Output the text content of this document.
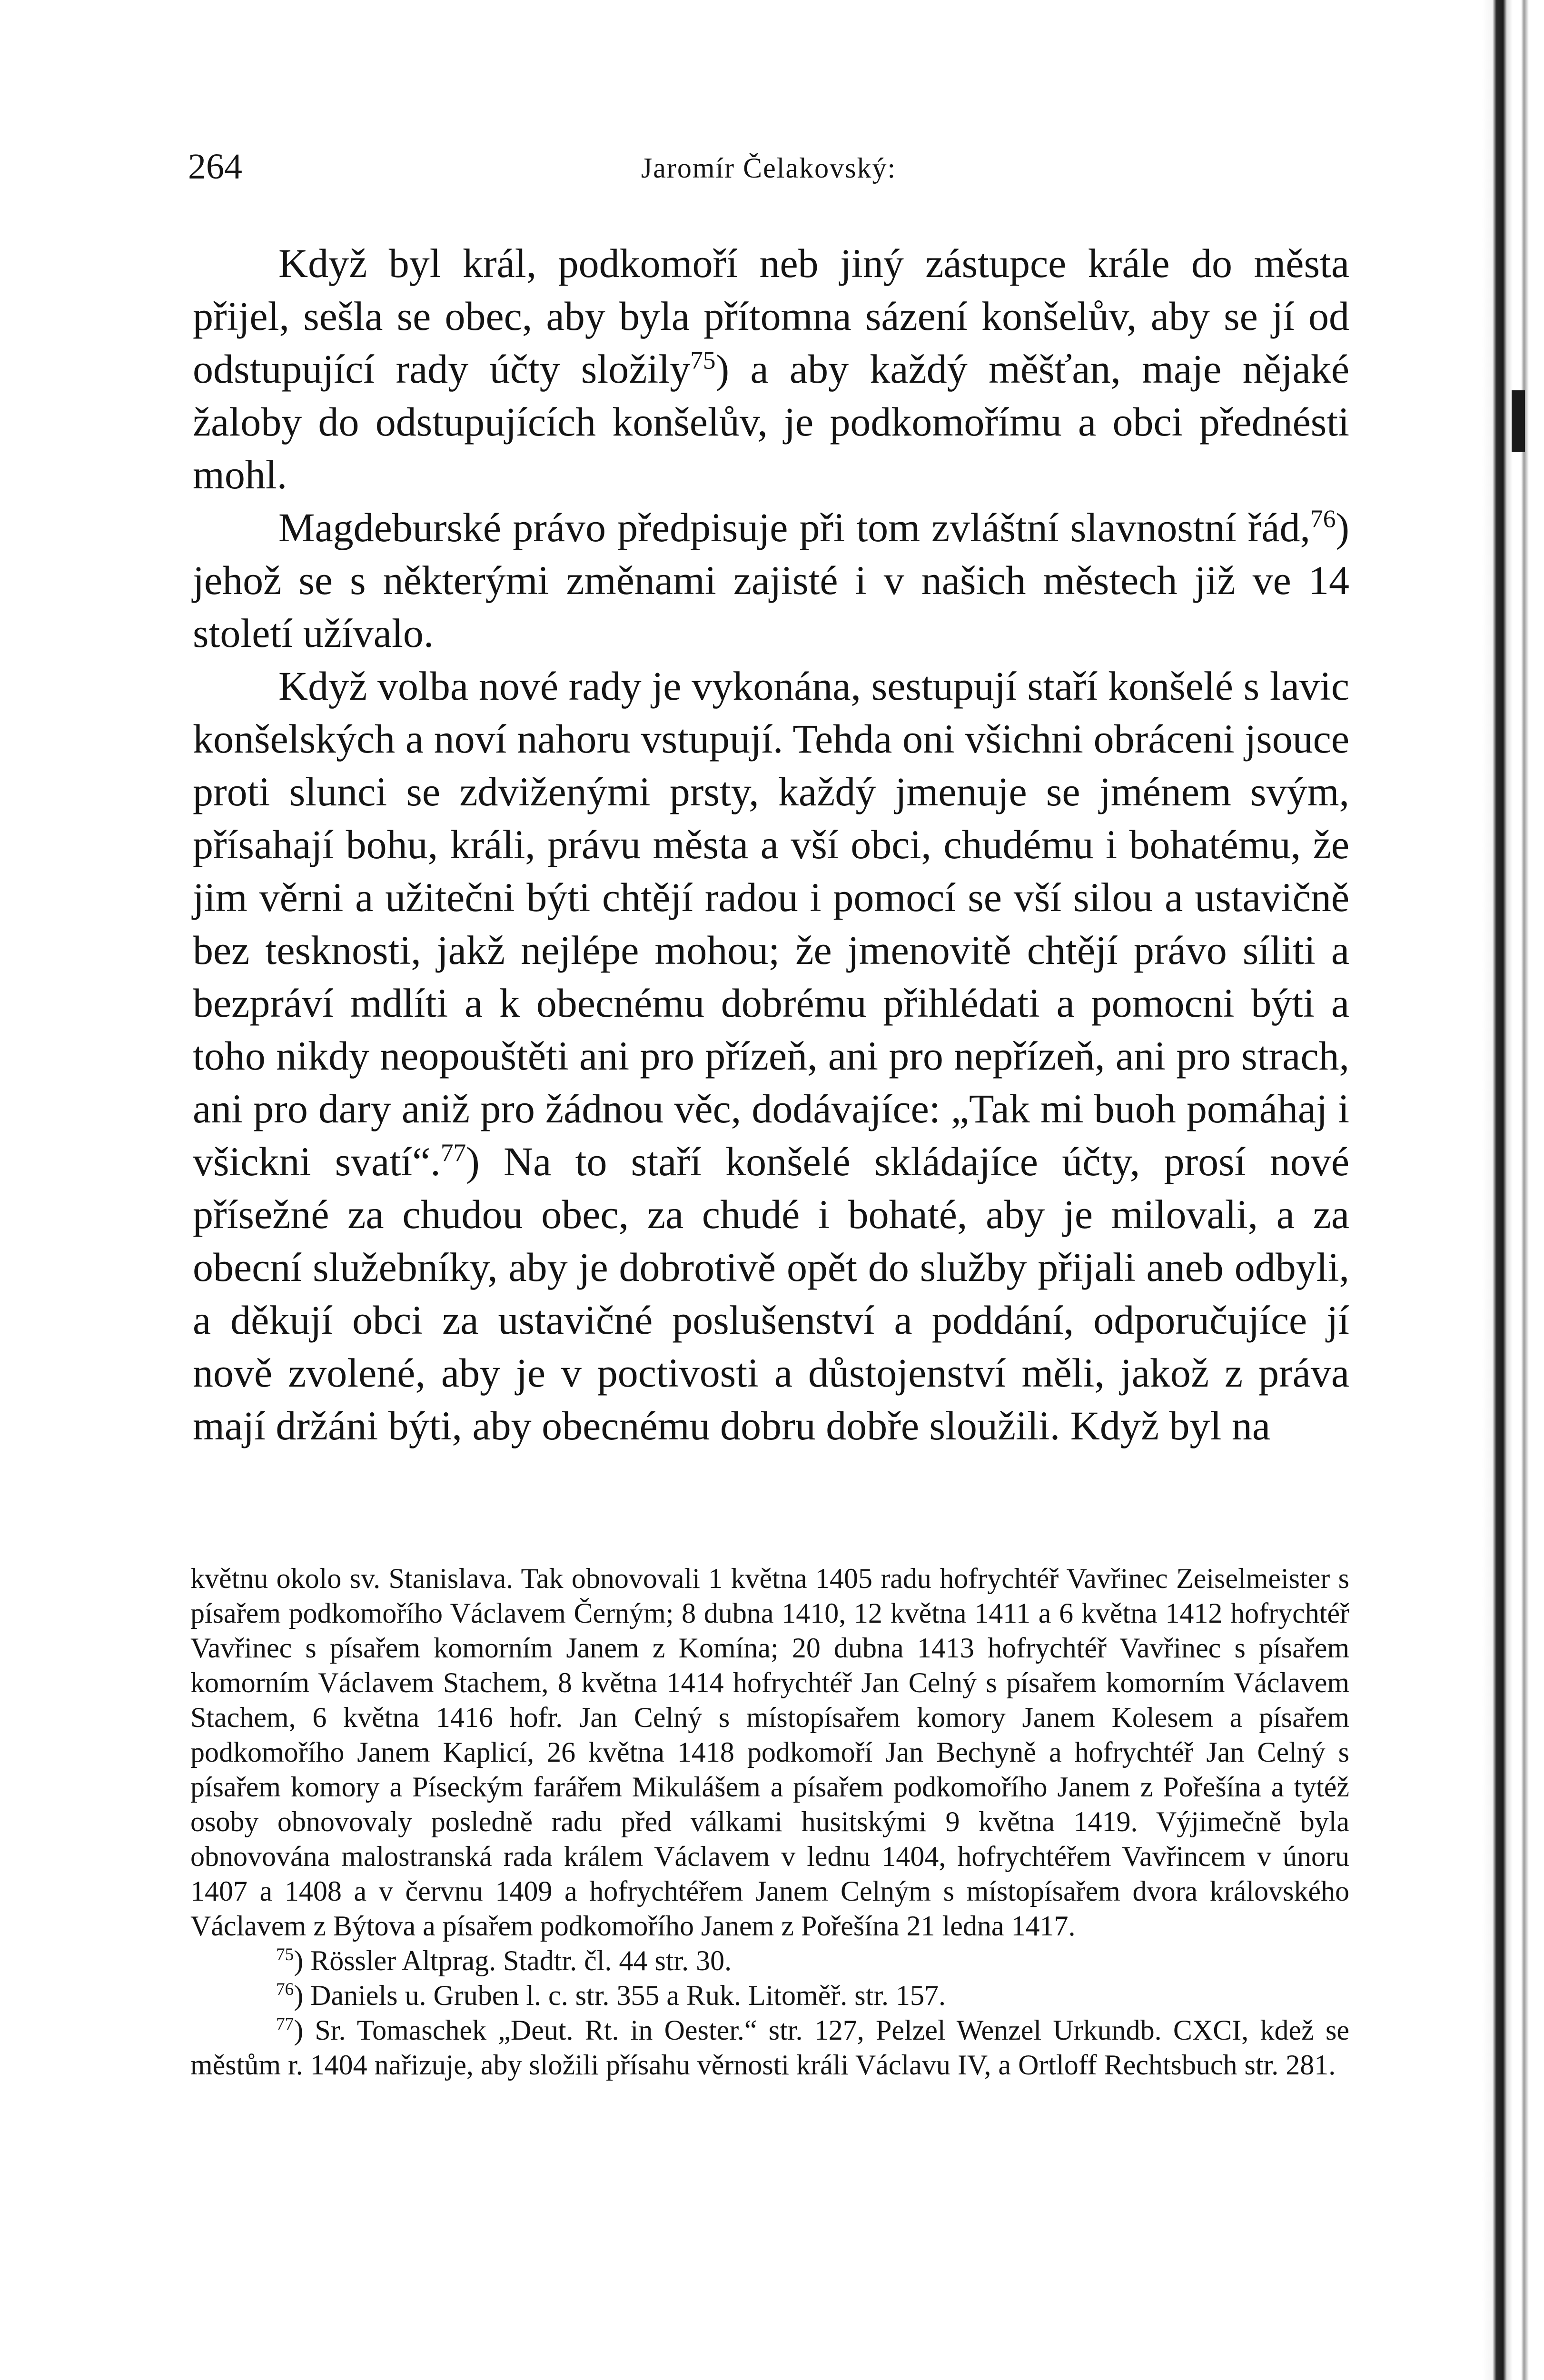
264	Jaromír Čelakovský:

Když byl král, podkomoří neb jiný zástupce krále do města přijel, sešla se obec, aby byla přítomna sázení konšelův, aby se jí od odstupující rady účty složily$^{75}$) a aby každý měšťan, maje nějaké žaloby do odstupujících konšelův, je podkomořímu a obci přednésti mohl.

Magdeburské právo předpisuje při tom zvláštní slavnostní řád,$^{76}$) jehož se s některými změnami zajisté i v našich městech již ve 14 století užívalo.

Když volba nové rady je vykonána, sestupují staří konšelé s lavic konšelských a noví nahoru vstupují. Tehda oni všichni obráceni jsouce proti slunci se zdviženými prsty, každý jmenuje se jménem svým, přísahají bohu, králi, právu města a vší obci, chudému i bohatému, že jim věrni a užitečni býti chtějí radou i pomocí se vší silou a ustavičně bez tesknosti, jakž nejlépe mohou; že jmenovitě chtějí právo síliti a bezpráví mdlíti a k obecnému dobrému přihlédati a pomocni býti a toho nikdy neopouštěti ani pro přízeň, ani pro nepřízeň, ani pro strach, ani pro dary aniž pro žádnou věc, dodávajíce: „Tak mi buoh pomáhaj i všickni svatí“.$^{77}$) Na to staří konšelé skládajíce účty, prosí nové přísežné za chudou obec, za chudé i bohaté, aby je milovali, a za obecní služebníky, aby je dobrotivě opět do služby přijali aneb odbyli, a děkují obci za ustavičné poslušenství a poddání, odporučujíce jí nově zvolené, aby je v poctivosti a důstojenství měli, jakož z práva mají držáni býti, aby obecnému dobru dobře sloužili. Když byl na

květnu okolo sv. Stanislava. Tak obnovovali 1 května 1405 radu hofrychtéř Vavřinec Zeiselmeister s písařem podkomořího Václavem Černým; 8 dubna 1410, 12 května 1411 a 6 května 1412 hofrychtéř Vavřinec s písařem komorním Janem z Komína; 20 dubna 1413 hofrychtéř Vavřinec s písařem komorním Václavem Stachem, 8 května 1414 hofrychtéř Jan Celný s písařem komorním Václavem Stachem, 6 května 1416 hofr. Jan Celný s místopísařem komory Janem Kolesem a písařem podkomořího Janem Kaplicí, 26 května 1418 podkomoří Jan Bechyně a hofrychtéř Jan Celný s písařem komory a Píseckým farářem Mikulášem a písařem podkomořího Janem z Pořešína a tytéž osoby obnovovaly posledně radu před válkami husitskými 9 května 1419. Výjimečně byla obnovována malostranská rada králem Václavem v lednu 1404, hofrychtéřem Vavřincem v únoru 1407 a 1408 a v červnu 1409 a hofrychtéřem Janem Celným s místopísařem dvora královského Václavem z Býtova a písařem podkomořího Janem z Pořešína 21 ledna 1417.

$^{75}$) Rössler Altprag. Stadtr. čl. 44 str. 30.

$^{76}$) Daniels u. Gruben l. c. str. 355 a Ruk. Litoměř. str. 157.

$^{77}$) Sr. Tomaschek „Deut. Rt. in Oester.“ str. 127, Pelzel Wenzel Urkundb. CXCI, kdež se městům r. 1404 nařizuje, aby složili přísahu věrnosti králi Václavu IV, a Ortloff Rechtsbuch str. 281.
